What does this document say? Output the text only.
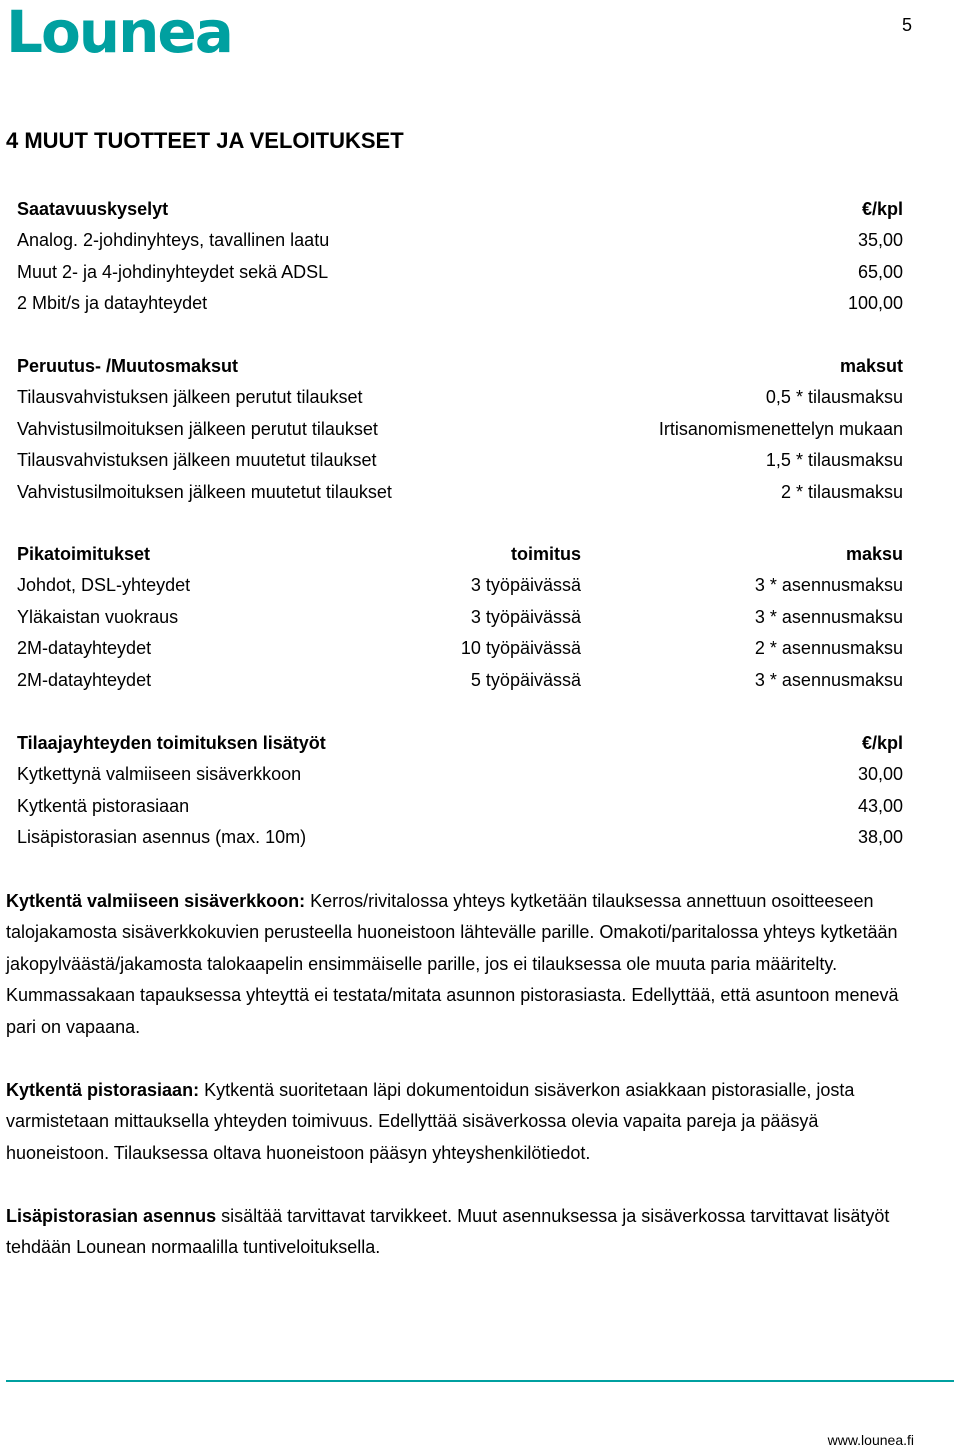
Lounea	5
4 MUUT TUOTTEET JA VELOITUKSET
Saatavuuskyselyt	€/kpl
Analog. 2-johdinyhteys, tavallinen laatu	35,00
Muut 2- ja 4-johdinyhteydet sekä ADSL	65,00
2 Mbit/s ja datayhteydet	100,00
Peruutus- /Muutosmaksut	maksut
Tilausvahvistuksen jälkeen perutut tilaukset	0,5 * tilausmaksu
Vahvistusilmoituksen jälkeen perutut tilaukset	Irtisanomismenettelyn mukaan
Tilausvahvistuksen jälkeen muutetut tilaukset	1,5 * tilausmaksu
Vahvistusilmoituksen jälkeen muutetut tilaukset	2 * tilausmaksu
Pikatoimitukset	toimitus	maksu
Johdot, DSL-yhteydet	3 työpäivässä	3 * asennusmaksu
Yläkaistan vuokraus	3 työpäivässä	3 * asennusmaksu
2M-datayhteydet	10 työpäivässä	2 * asennusmaksu
2M-datayhteydet	5 työpäivässä	3 * asennusmaksu
Tilaajayhteyden toimituksen lisätyöt	€/kpl
Kytkettynä valmiiseen sisäverkkoon	30,00
Kytkentä pistorasiaan	43,00
Lisäpistorasian asennus (max. 10m)	38,00

Kytkentä valmiiseen sisäverkkoon: Kerros/rivitalossa yhteys kytketään tilauksessa annettuun osoitteeseen talojakamosta sisäverkkokuvien perusteella huoneistoon lähtevälle parille. Omakoti/paritalossa yhteys kytketään jakopylväästä/jakamosta talokaapelin ensimmäiselle parille, jos ei tilauksessa ole muuta paria määritelty. Kummassakaan tapauksessa yhteyttä ei testata/mitata asunnon pistorasiasta. Edellyttää, että asuntoon menevä pari on vapaana.

Kytkentä pistorasiaan: Kytkentä suoritetaan läpi dokumentoidun sisäverkon asiakkaan pistorasialle, josta varmistetaan mittauksella yhteyden toimivuus. Edellyttää sisäverkossa olevia vapaita pareja ja pääsyä huoneistoon. Tilauksessa oltava huoneistoon pääsyn yhteyshenkilötiedot.

Lisäpistorasian asennus sisältää tarvittavat tarvikkeet. Muut asennuksessa ja sisäverkossa tarvittavat lisätyöt tehdään Lounean normaalilla tuntiveloituksella.

www.lounea.fi
